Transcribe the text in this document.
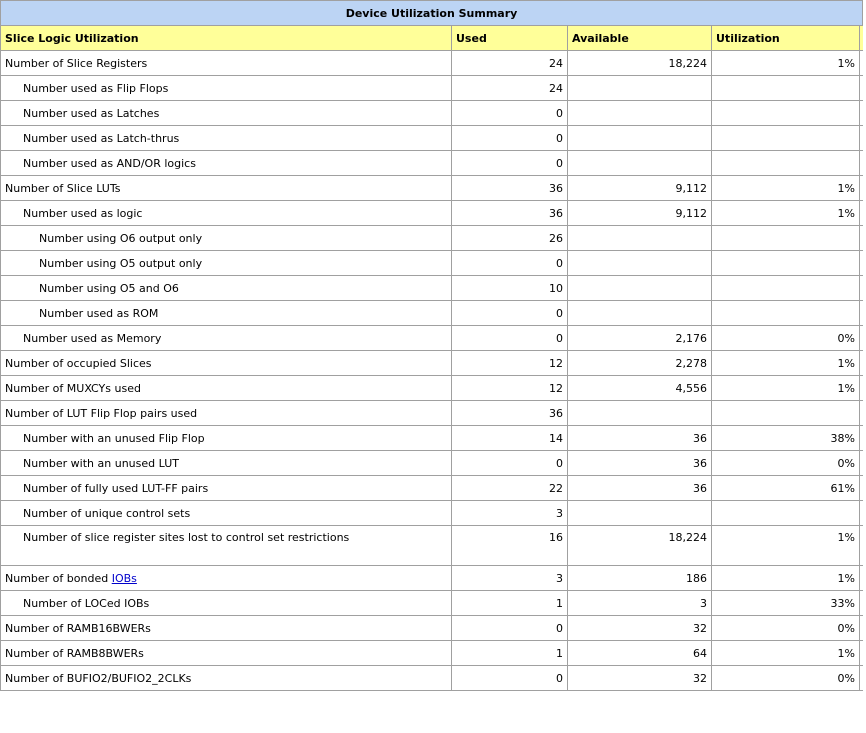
Device Utilization Summary				
Slice Logic Utilization	Used	Available	Utilization	
Number of Slice Registers	24	18,224	1%	
Number used as Flip Flops	24			
Number used as Latches	0			
Number used as Latch-thrus	0			
Number used as AND/OR logics	0			
Number of Slice LUTs	36	9,112	1%	
Number used as logic	36	9,112	1%	
Number using O6 output only	26			
Number using O5 output only	0			
Number using O5 and O6	10			
Number used as ROM	0			
Number used as Memory	0	2,176	0%	
Number of occupied Slices	12	2,278	1%	
Number of MUXCYs used	12	4,556	1%	
Number of LUT Flip Flop pairs used	36			
Number with an unused Flip Flop	14	36	38%	
Number with an unused LUT	0	36	0%	
Number of fully used LUT-FF pairs	22	36	61%	
Number of unique control sets	3			
Number of slice register sites lost to control set restrictions	16	18,224	1%	
Number of bonded IOBs	3	186	1%	
Number of LOCed IOBs	1	3	33%	
Number of RAMB16BWERs	0	32	0%	
Number of RAMB8BWERs	1	64	1%	
Number of BUFIO2/BUFIO2_2CLKs	0	32	0%	
